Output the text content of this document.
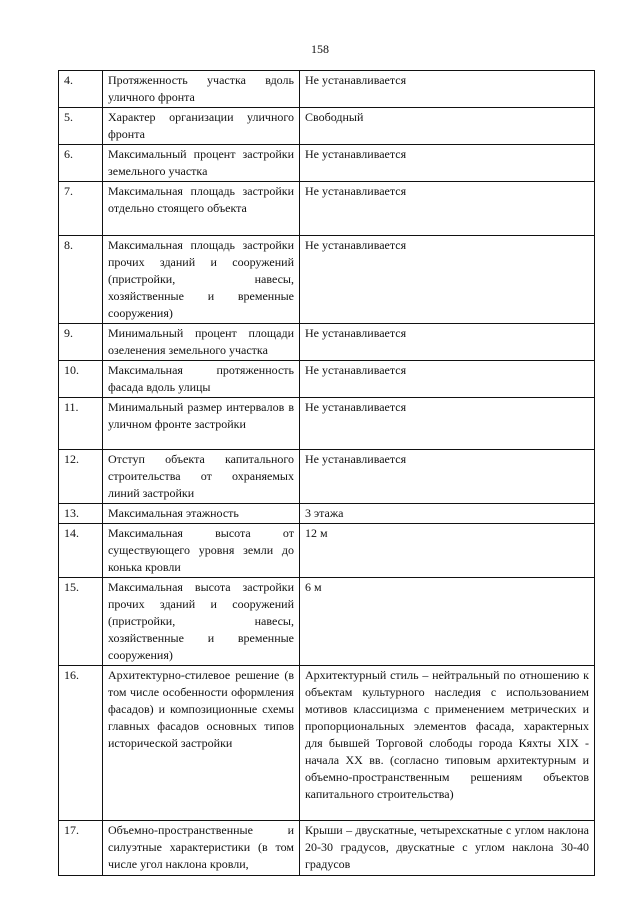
158
4.	Протяженность участка вдоль уличного фронта	Не устанавливается
5.	Характер организации уличного фронта	Свободный
6.	Максимальный процент застройки земельного участка	Не устанавливается
7.	Максимальная площадь застройки отдельно стоящего объекта	Не устанавливается
8.	Максимальная площадь застройки прочих зданий и сооружений (пристройки, навесы, хозяйственные и временные сооружения)	Не устанавливается
9.	Минимальный процент площади озеленения земельного участка	Не устанавливается
10.	Максимальная протяженность фасада вдоль улицы	Не устанавливается
11.	Минимальный размер интервалов в уличном фронте застройки	Не устанавливается
12.	Отступ объекта капитального строительства от охраняемых линий застройки	Не устанавливается
13.	Максимальная этажность	3 этажа
14.	Максимальная высота от существующего уровня земли до конька кровли	12 м
15.	Максимальная высота застройки прочих зданий и сооружений (пристройки, навесы, хозяйственные и временные сооружения)	6 м
16.	Архитектурно-стилевое решение (в том числе особенности оформления фасадов) и композиционные схемы главных фасадов основных типов исторической застройки	Архитектурный стиль – нейтральный по отношению к объектам культурного наследия с использованием мотивов классицизма с применением метрических и пропорциональных элементов фасада, характерных для бывшей Торговой слободы города Кяхты XIX - начала XX вв. (согласно типовым архитектурным и объемно-пространственным решениям объектов капитального строительства)
17.	Объемно-пространственные и силуэтные характеристики (в том числе угол наклона кровли,	Крыши – двускатные, четырехскатные с углом наклона 20-30 градусов, двускатные с углом наклона 30-40 градусов
